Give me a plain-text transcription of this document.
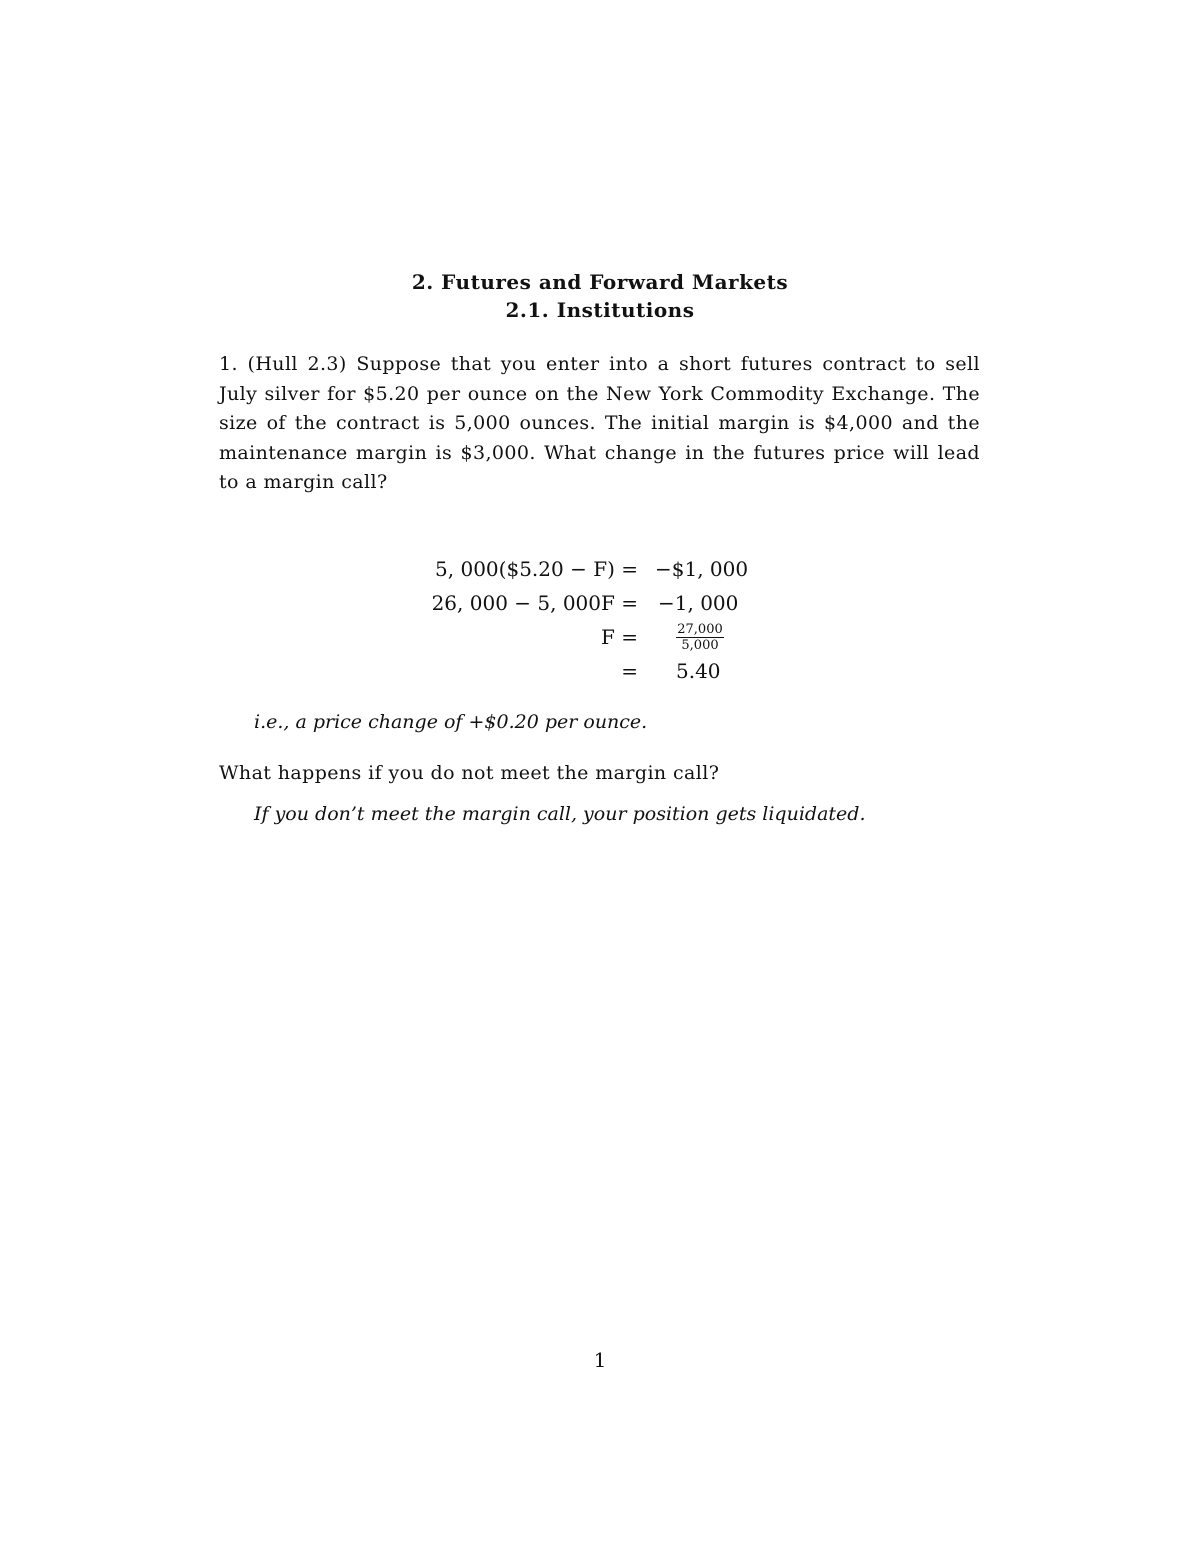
2. Futures and Forward Markets
2.1. Institutions
1. (Hull 2.3) Suppose that you enter into a short futures contract to sell July silver for $5.20 per ounce on the New York Commodity Exchange. The size of the contract is 5,000 ounces. The initial margin is $4,000 and the maintenance margin is $3,000. What change in the futures price will lead to a margin call?
5, 000($5.20 − F) = −$1, 000
26, 000 − 5, 000F = −1, 000
F =	$\frac{27,000}{5,000}$
= 5.40
i.e., a price change of +$0.20 per ounce.
What happens if you do not meet the margin call?
If you don’t meet the margin call, your position gets liquidated.
1
